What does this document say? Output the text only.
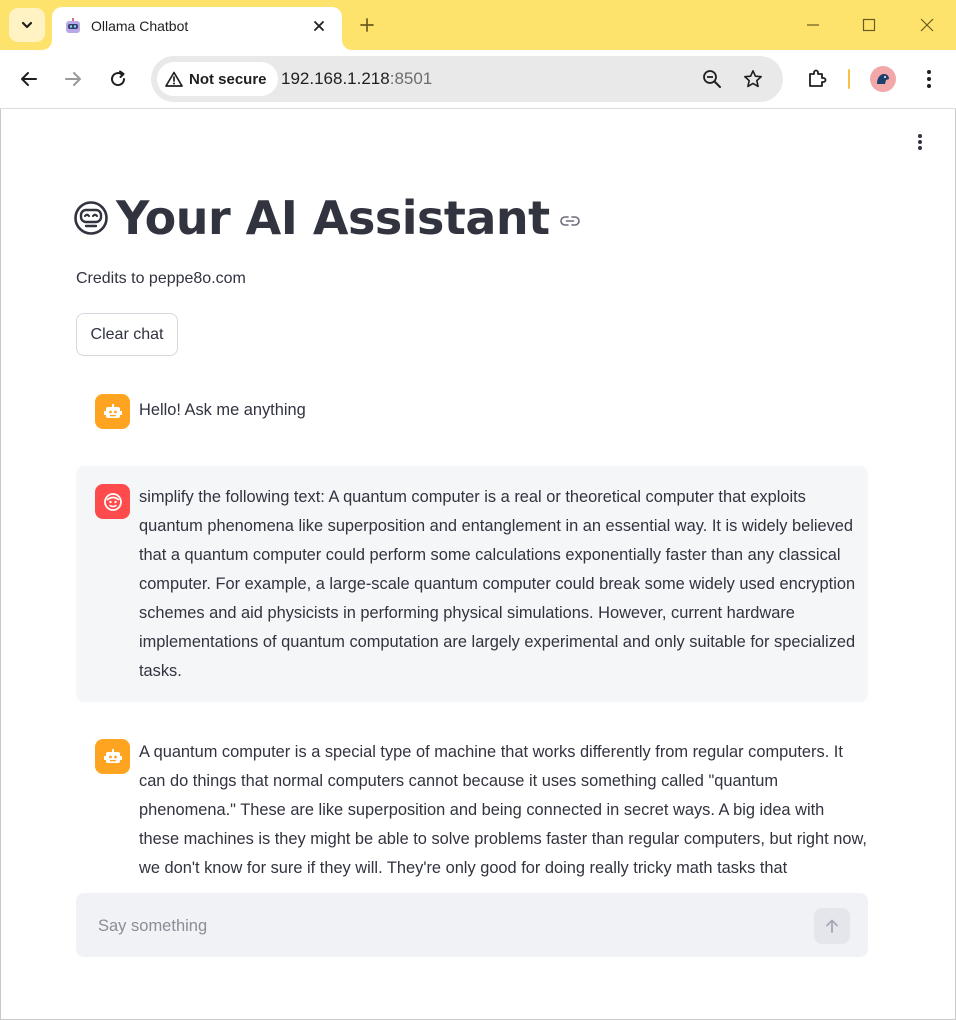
Ollama Chatbot
Not secure 192.168.1.218:8501
Your AI Assistant
Credits to peppe8o.com
Clear chat
Hello! Ask me anything
simplify the following text: A quantum computer is a real or theoretical computer that exploits quantum phenomena like superposition and entanglement in an essential way. It is widely believed that a quantum computer could perform some calculations exponentially faster than any classical computer. For example, a large-scale quantum computer could break some widely used encryption schemes and aid physicists in performing physical simulations. However, current hardware implementations of quantum computation are largely experimental and only suitable for specialized tasks.
A quantum computer is a special type of machine that works differently from regular computers. It can do things that normal computers cannot because it uses something called "quantum phenomena." These are like superposition and being connected in secret ways. A big idea with these machines is they might be able to solve problems faster than regular computers, but right now, we don't know for sure if they will. They're only good for doing really tricky math tasks that
Say something
